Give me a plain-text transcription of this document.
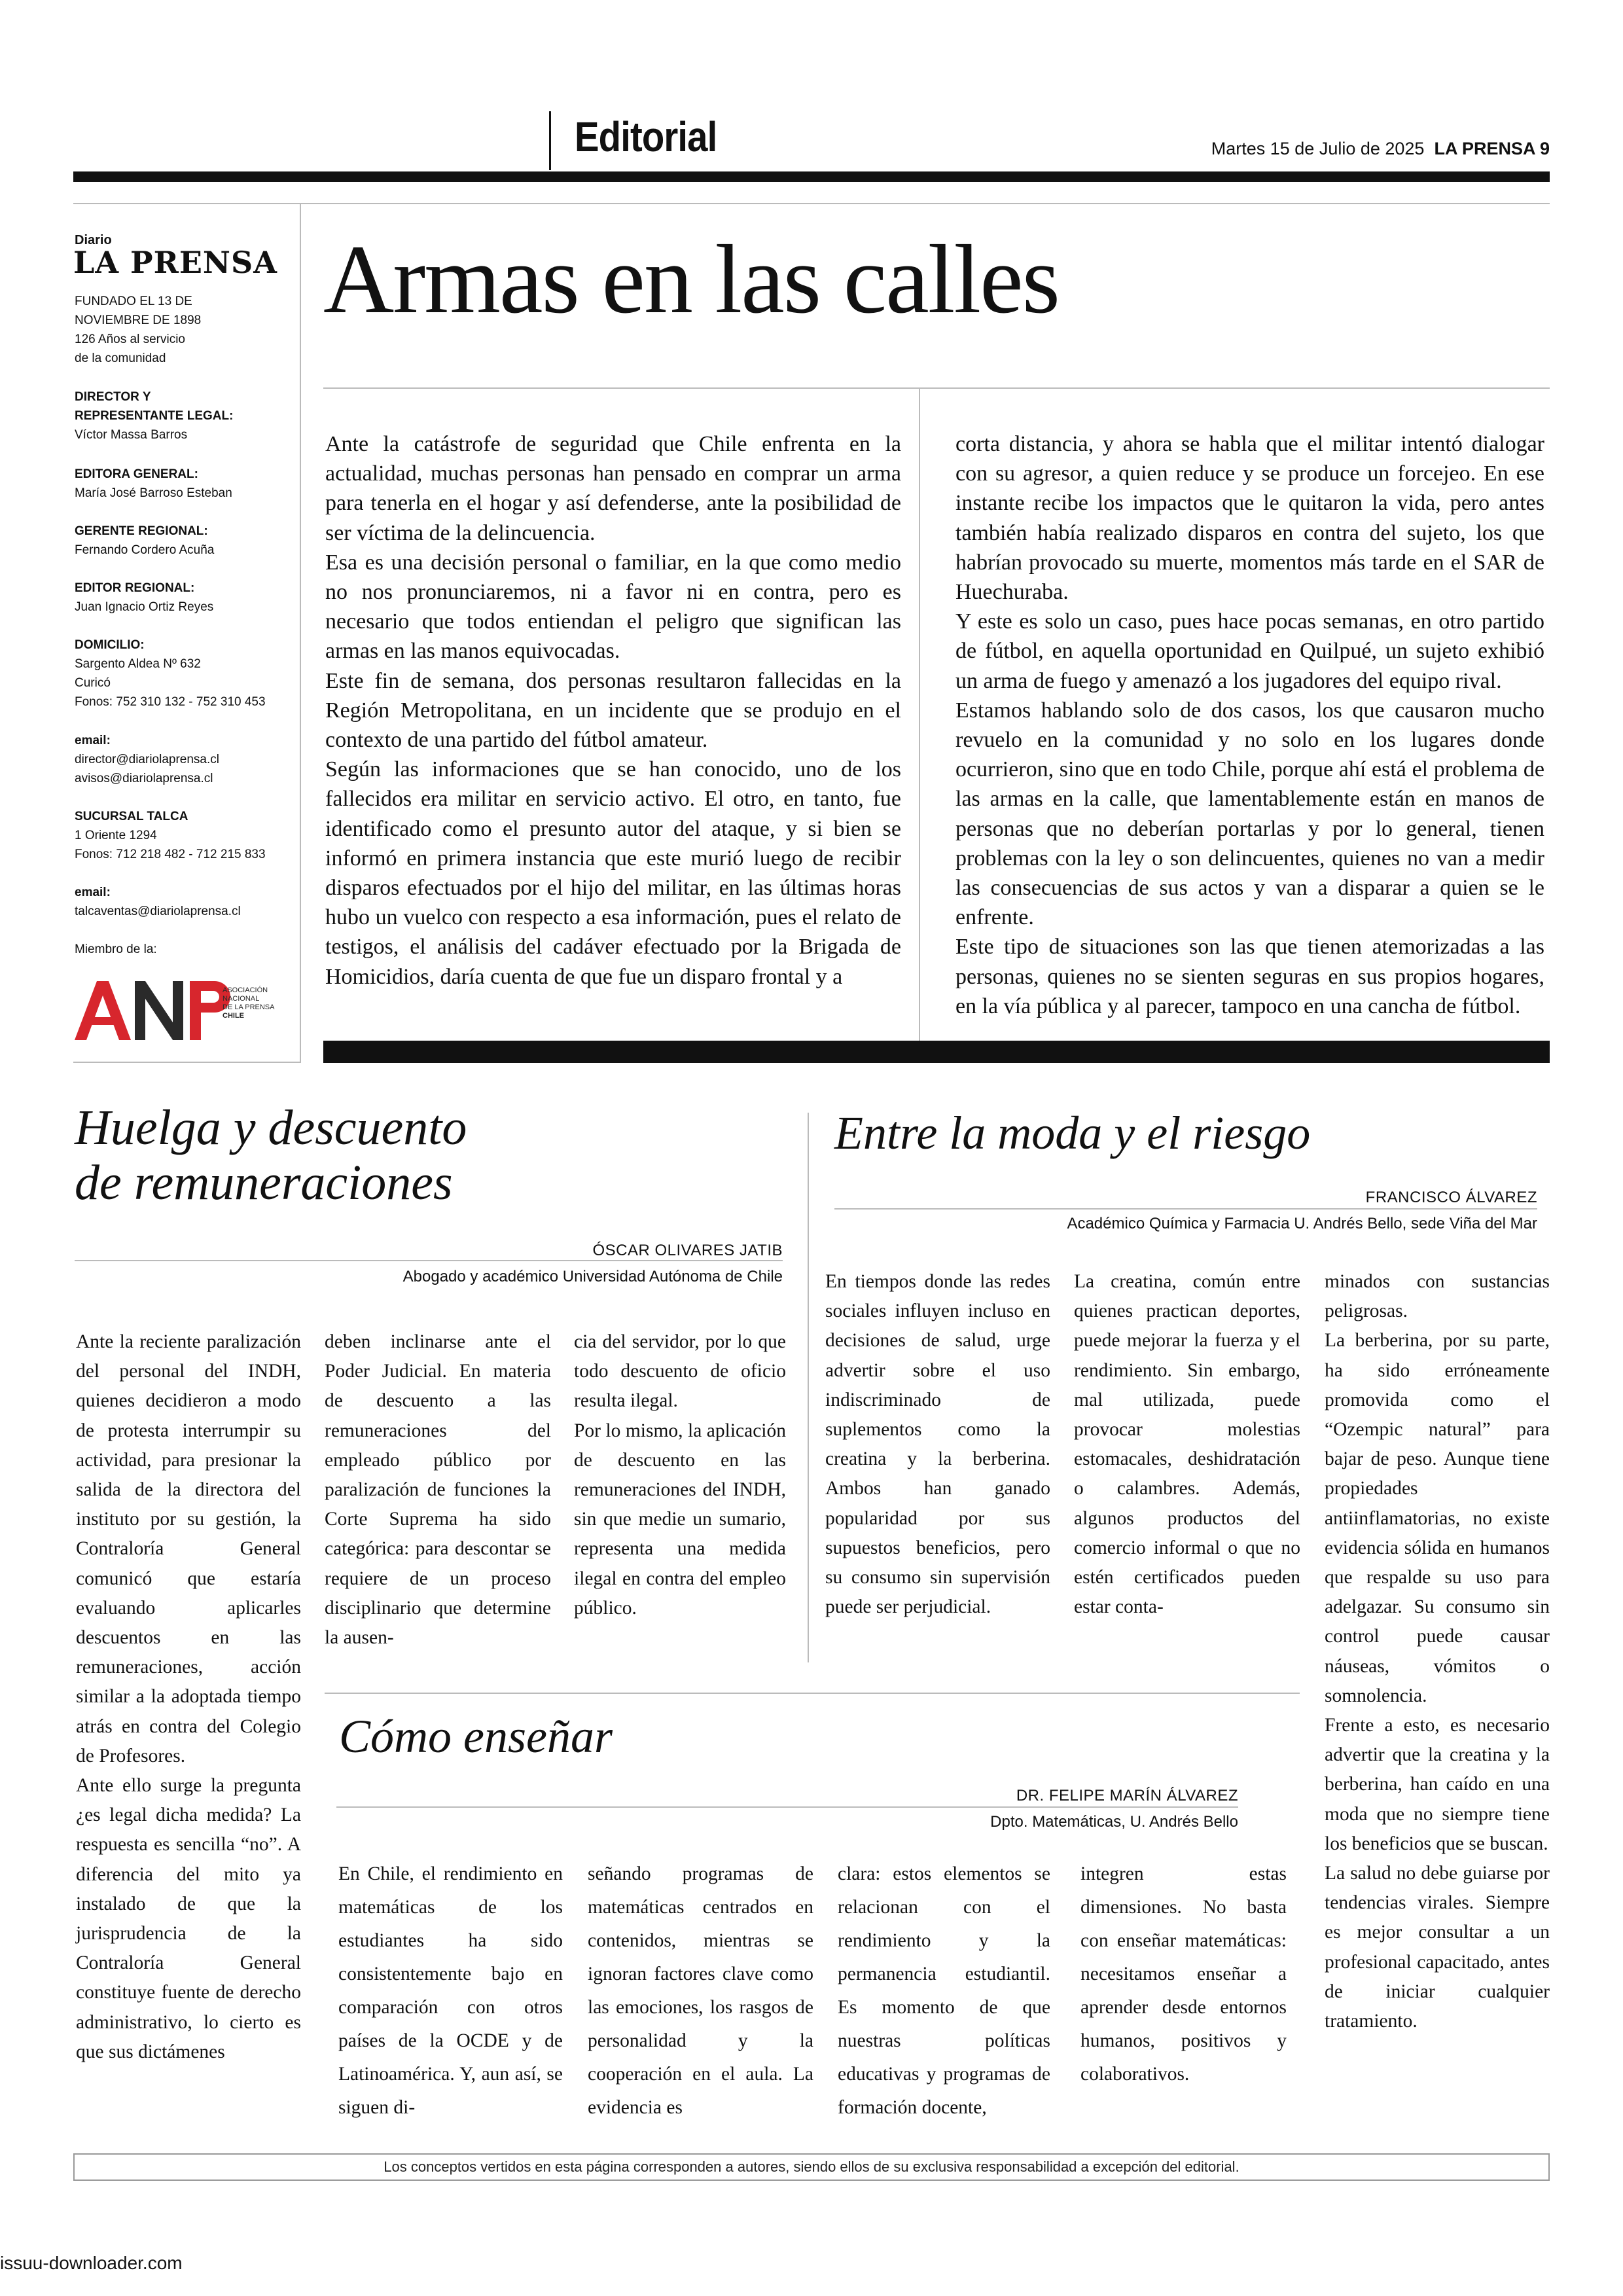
Editorial	Martes 15 de Julio de 2025 LA PRENSA 9
Diario
LA PRENSA
FUNDADO EL 13 DE
NOVIEMBRE DE 1898
126 Años al servicio
de la comunidad
DIRECTOR Y
REPRESENTANTE LEGAL:
Víctor Massa Barros
EDITORA GENERAL:
María José Barroso Esteban
GERENTE REGIONAL:
Fernando Cordero Acuña
EDITOR REGIONAL:
Juan Ignacio Ortiz Reyes
DOMICILIO:
Sargento Aldea Nº 632
Curicó
Fonos: 752 310 132 - 752 310 453
email:
director@diariolaprensa.cl
avisos@diariolaprensa.cl
SUCURSAL TALCA
1 Oriente 1294
Fonos: 712 218 482 - 712 215 833
email:
talcaventas@diariolaprensa.cl
Miembro de la:
ASOCIACIÓN
NACIONAL
DE LA PRENSA
CHILE
Armas en las calles

Ante la catástrofe de seguridad que Chile enfrenta en la actualidad, muchas personas han pensado en comprar un arma para tenerla en el hogar y así defenderse, ante la posibilidad de ser víctima de la delincuencia.

Esa es una decisión personal o familiar, en la que como medio no nos pronunciaremos, ni a favor ni en contra, pero es necesario que todos entiendan el peligro que significan las armas en las manos equivocadas.

Este fin de semana, dos personas resultaron fallecidas en la Región Metropolitana, en un incidente que se produjo en el contexto de una partido del fútbol amateur.

Según las informaciones que se han conocido, uno de los fallecidos era militar en servicio activo. El otro, en tanto, fue identificado como el presunto autor del ataque, y si bien se informó en primera instancia que este murió luego de recibir disparos efectuados por el hijo del militar, en las últimas horas hubo un vuelco con respecto a esa información, pues el relato de testigos, el análisis del cadáver efectuado por la Brigada de Homicidios, daría cuenta de que fue un disparo frontal y a

corta distancia, y ahora se habla que el militar intentó dialogar con su agresor, a quien reduce y se produce un forcejeo. En ese instante recibe los impactos que le quitaron la vida, pero antes también había realizado disparos en contra del sujeto, los que habrían provocado su muerte, momentos más tarde en el SAR de Huechuraba.

Y este es solo un caso, pues hace pocas semanas, en otro partido de fútbol, en aquella oportunidad en Quilpué, un sujeto exhibió un arma de fuego y amenazó a los jugadores del equipo rival.

Estamos hablando solo de dos casos, los que causaron mucho revuelo en la comunidad y no solo en los lugares donde ocurrieron, sino que en todo Chile, porque ahí está el problema de las armas en la calle, que lamentablemente están en manos de personas que no deberían portarlas y por lo general, tienen problemas con la ley o son delincuentes, quienes no van a medir las consecuencias de sus actos y van a disparar a quien se le enfrente.

Este tipo de situaciones son las que tienen atemorizadas a las personas, quienes no se sienten seguras en sus propios hogares, en la vía pública y al parecer, tampoco en una cancha de fútbol.

Huelga y descuento
de remuneraciones
ÓSCAR OLIVARES JATIB
Abogado y académico Universidad Autónoma de Chile

Ante la reciente paralización del personal del INDH, quienes decidieron a modo de protesta interrumpir su actividad, para presionar la salida de la directora del instituto por su gestión, la Contraloría General comunicó que estaría evaluando aplicarles descuentos en las remuneraciones, acción similar a la adoptada tiempo atrás en contra del Colegio de Profesores.

Ante ello surge la pregunta ¿es legal dicha medida? La respuesta es sencilla “no”. A diferencia del mito ya instalado de que la jurisprudencia de la Contraloría General constituye fuente de derecho administrativo, lo cierto es que sus dictámenes

deben inclinarse ante el Poder Judicial. En materia de descuento a las remuneraciones del empleado público por paralización de funciones la Corte Suprema ha sido categórica: para descontar se requiere de un proceso disciplinario que determine la ausen-

cia del servidor, por lo que todo descuento de oficio resulta ilegal.

Por lo mismo, la aplicación de descuento en las remuneraciones del INDH, sin que medie un sumario, representa una medida ilegal en contra del empleo público.

Entre la moda y el riesgo
FRANCISCO ÁLVAREZ
Académico Química y Farmacia U. Andrés Bello, sede Viña del Mar

En tiempos donde las redes sociales influyen incluso en decisiones de salud, urge advertir sobre el uso indiscriminado de suplementos como la creatina y la berberina. Ambos han ganado popularidad por sus supuestos beneficios, pero su consumo sin supervisión puede ser perjudicial.

La creatina, común entre quienes practican deportes, puede mejorar la fuerza y el rendimiento. Sin embargo, mal utilizada, puede provocar molestias estomacales, deshidratación o calambres. Además, algunos productos del comercio informal o que no estén certificados pueden estar conta-

minados con sustancias peligrosas.

La berberina, por su parte, ha sido erróneamente promovida como el “Ozempic natural” para bajar de peso. Aunque tiene propiedades antiinflamatorias, no existe evidencia sólida en humanos que respalde su uso para adelgazar. Su consumo sin control puede causar náuseas, vómitos o somnolencia.

Frente a esto, es necesario advertir que la creatina y la berberina, han caído en una moda que no siempre tiene los beneficios que se buscan.

La salud no debe guiarse por tendencias virales. Siempre es mejor consultar a un profesional capacitado, antes de iniciar cualquier tratamiento.

Cómo enseñar
DR. FELIPE MARÍN ÁLVAREZ
Dpto. Matemáticas, U. Andrés Bello

En Chile, el rendimiento en matemáticas de los estudiantes ha sido consistentemente bajo en comparación con otros países de la OCDE y de Latinoamérica. Y, aun así, se siguen di-

señando programas de matemáticas centrados en contenidos, mientras se ignoran factores clave como las emociones, los rasgos de personalidad y la cooperación en el aula. La evidencia es

clara: estos elementos se relacionan con el rendimiento y la permanencia estudiantil. Es momento de que nuestras políticas educativas y programas de formación docente,

integren estas dimensiones. No basta con enseñar matemáticas: necesitamos enseñar a aprender desde entornos humanos, positivos y colaborativos.

Los conceptos vertidos en esta página corresponden a autores, siendo ellos de su exclusiva responsabilidad a excepción del editorial.
issuu-downloader.com
